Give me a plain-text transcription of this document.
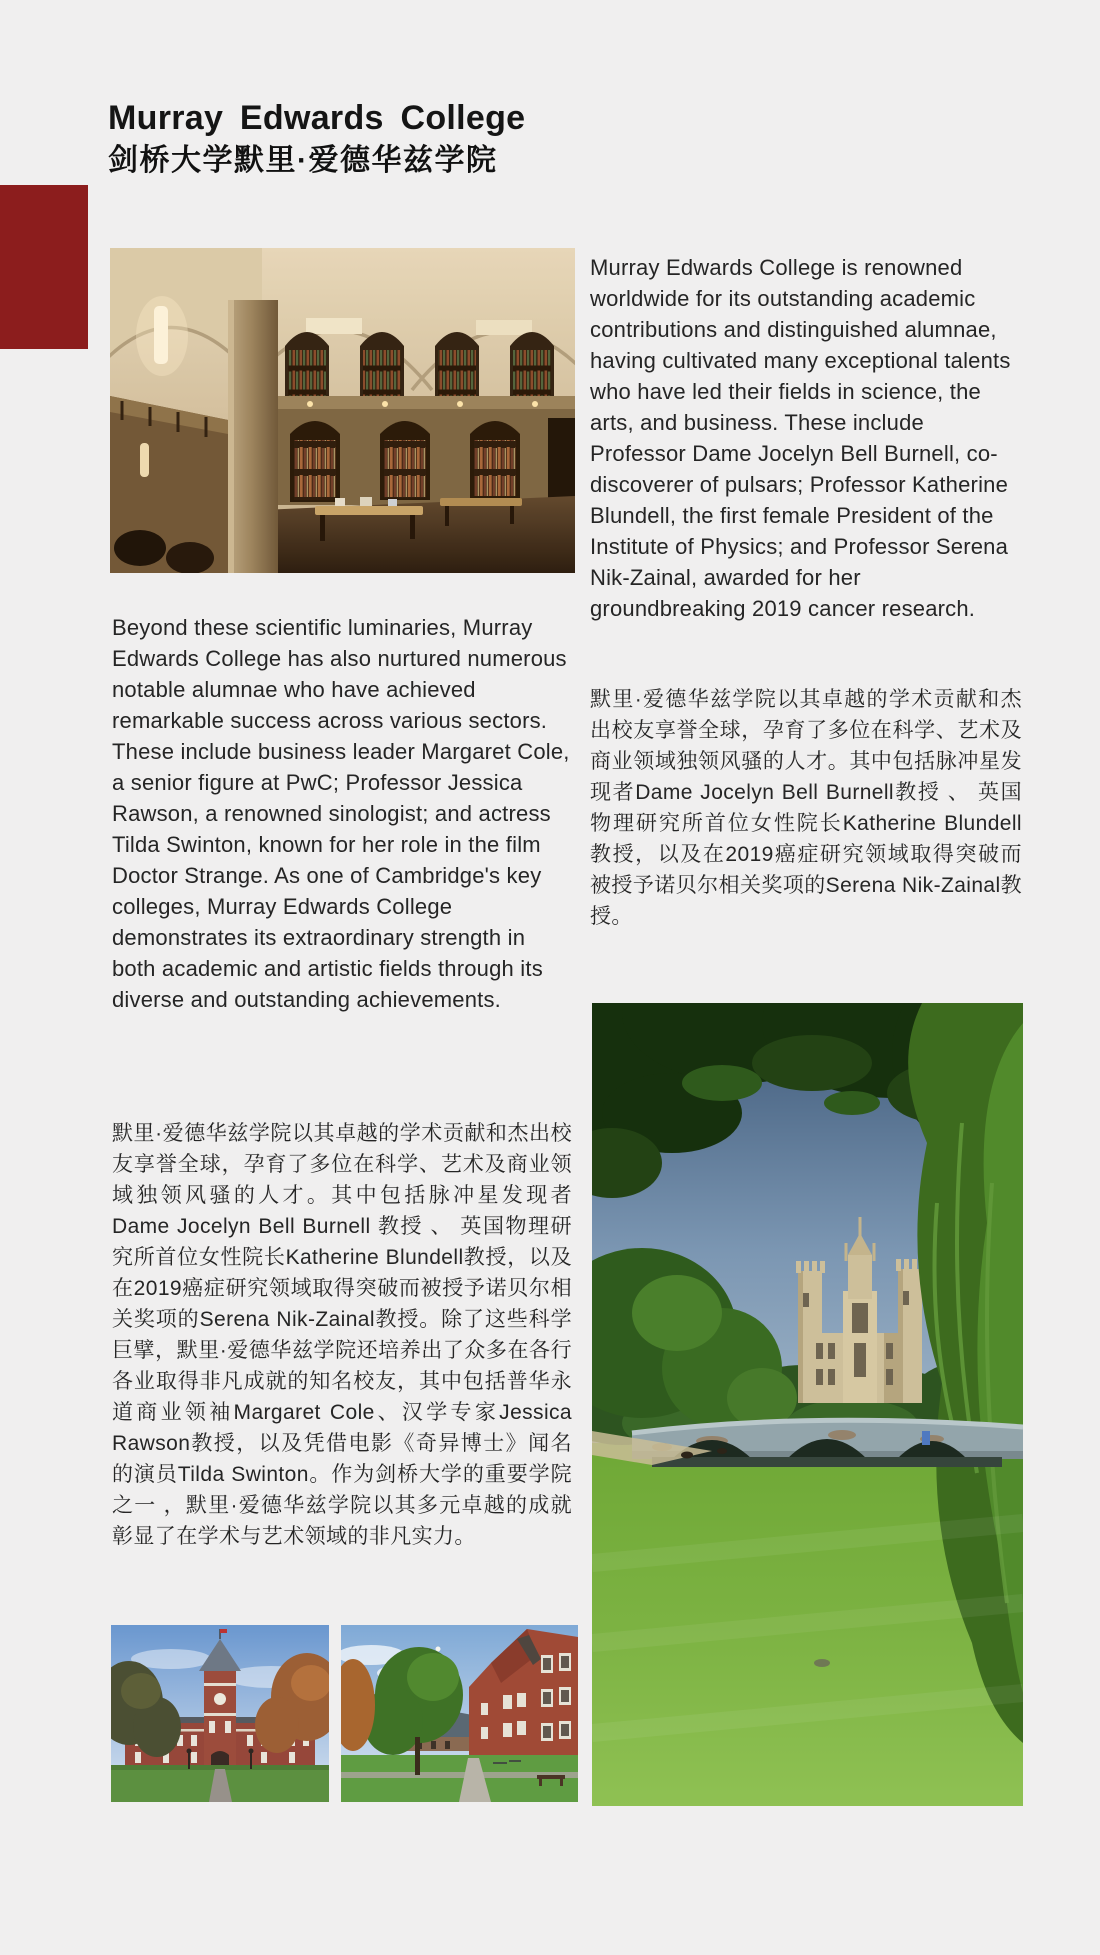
Murray Edwards College
剑桥大学默里·爱德华兹学院

Murray Edwards College is renowned worldwide for its outstanding academic contributions and distinguished alumnae, having cultivated many exceptional talents who have led their fields in science, the arts, and business. These include Professor Dame Jocelyn Bell Burnell, co-discoverer of pulsars; Professor Katherine Blundell, the first female President of the Institute of Physics; and Professor Serena Nik-Zainal, awarded for her groundbreaking 2019 cancer research.

默里·爱德华兹学院以其卓越的学术贡献和杰出校友享誉全球，孕育了多位在科学、艺术及商业领域独领风骚的人才。其中包括脉冲星发现者Dame Jocelyn Bell Burnell教授 、 英国物理研究所首位女性院长Katherine Blundell教授，以及在2019癌症研究领域取得突破而被授予诺贝尔相关奖项的Serena Nik-Zainal教授。

Beyond these scientific luminaries, Murray Edwards College has also nurtured numerous notable alumnae who have achieved remarkable success across various sectors. These include business leader Margaret Cole, a senior figure at PwC; Professor Jessica Rawson, a renowned sinologist; and actress Tilda Swinton, known for her role in the film Doctor Strange. As one of Cambridge's key colleges, Murray Edwards College demonstrates its extraordinary strength in both academic and artistic fields through its diverse and outstanding achievements.

默里·爱德华兹学院以其卓越的学术贡献和杰出校友享誉全球，孕育了多位在科学、艺术及商业领域独领风骚的人才。其中包括脉冲星发现者Dame Jocelyn Bell Burnell 教授 、 英国物理研究所首位女性院长Katherine Blundell教授，以及在2019癌症研究领域取得突破而被授予诺贝尔相关奖项的Serena Nik-Zainal教授。除了这些科学巨擘，默里·爱德华兹学院还培养出了众多在各行各业取得非凡成就的知名校友，其中包括普华永道商业领袖Margaret Cole、汉学专家Jessica Rawson教授，以及凭借电影《奇异博士》闻名的演员Tilda Swinton。作为剑桥大学的重要学院之一 ，默里·爱德华兹学院以其多元卓越的成就彰显了在学术与艺术领域的非凡实力。
